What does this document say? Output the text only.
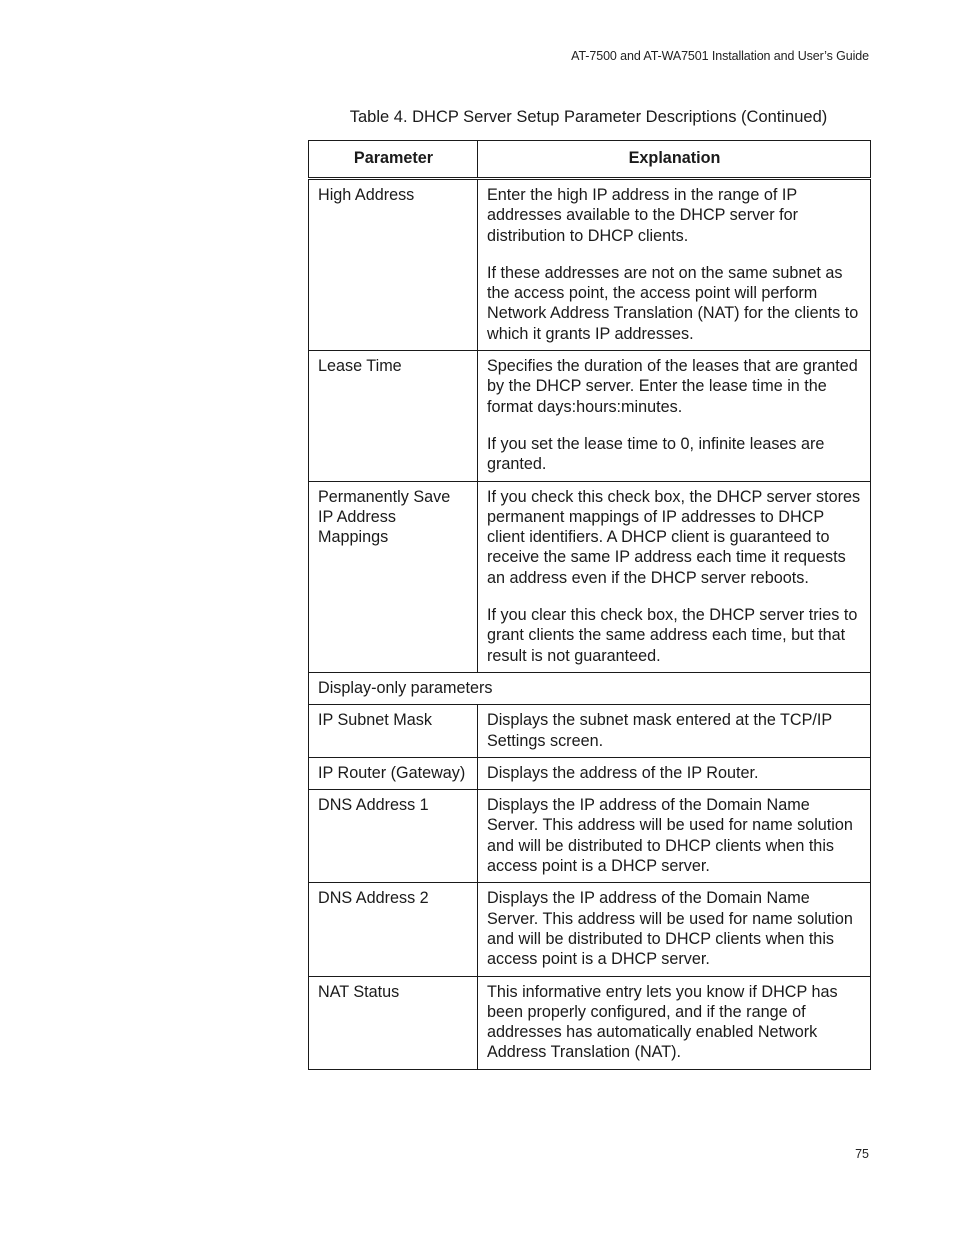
AT-7500 and AT-WA7501 Installation and User’s Guide
Table 4. DHCP Server Setup Parameter Descriptions (Continued)
Parameter	Explanation
High Address	Enter the high IP address in the range of IP addresses available to the DHCP server for distribution to DHCP clients.

If these addresses are not on the same subnet as the access point, the access point will perform Network Address Translation (NAT) for the clients to which it grants IP addresses.

Lease Time	Specifies the duration of the leases that are granted by the DHCP server. Enter the lease time in the format days:hours:minutes.

If you set the lease time to 0, infinite leases are granted.

Permanently Save IP Address Mappings	If you check this check box, the DHCP server stores permanent mappings of IP addresses to DHCP client identifiers. A DHCP client is guaranteed to receive the same IP address each time it requests an address even if the DHCP server reboots.

If you clear this check box, the DHCP server tries to grant clients the same address each time, but that result is not guaranteed.

Display-only parameters	
IP Subnet Mask	Displays the subnet mask entered at the TCP/IP Settings screen.
IP Router (Gateway)	Displays the address of the IP Router.
DNS Address 1	Displays the IP address of the Domain Name Server. This address will be used for name solution and will be distributed to DHCP clients when this access point is a DHCP server.
DNS Address 2	Displays the IP address of the Domain Name Server. This address will be used for name solution and will be distributed to DHCP clients when this access point is a DHCP server.
NAT Status	This informative entry lets you know if DHCP has been properly configured, and if the range of addresses has automatically enabled Network Address Translation (NAT).
75
